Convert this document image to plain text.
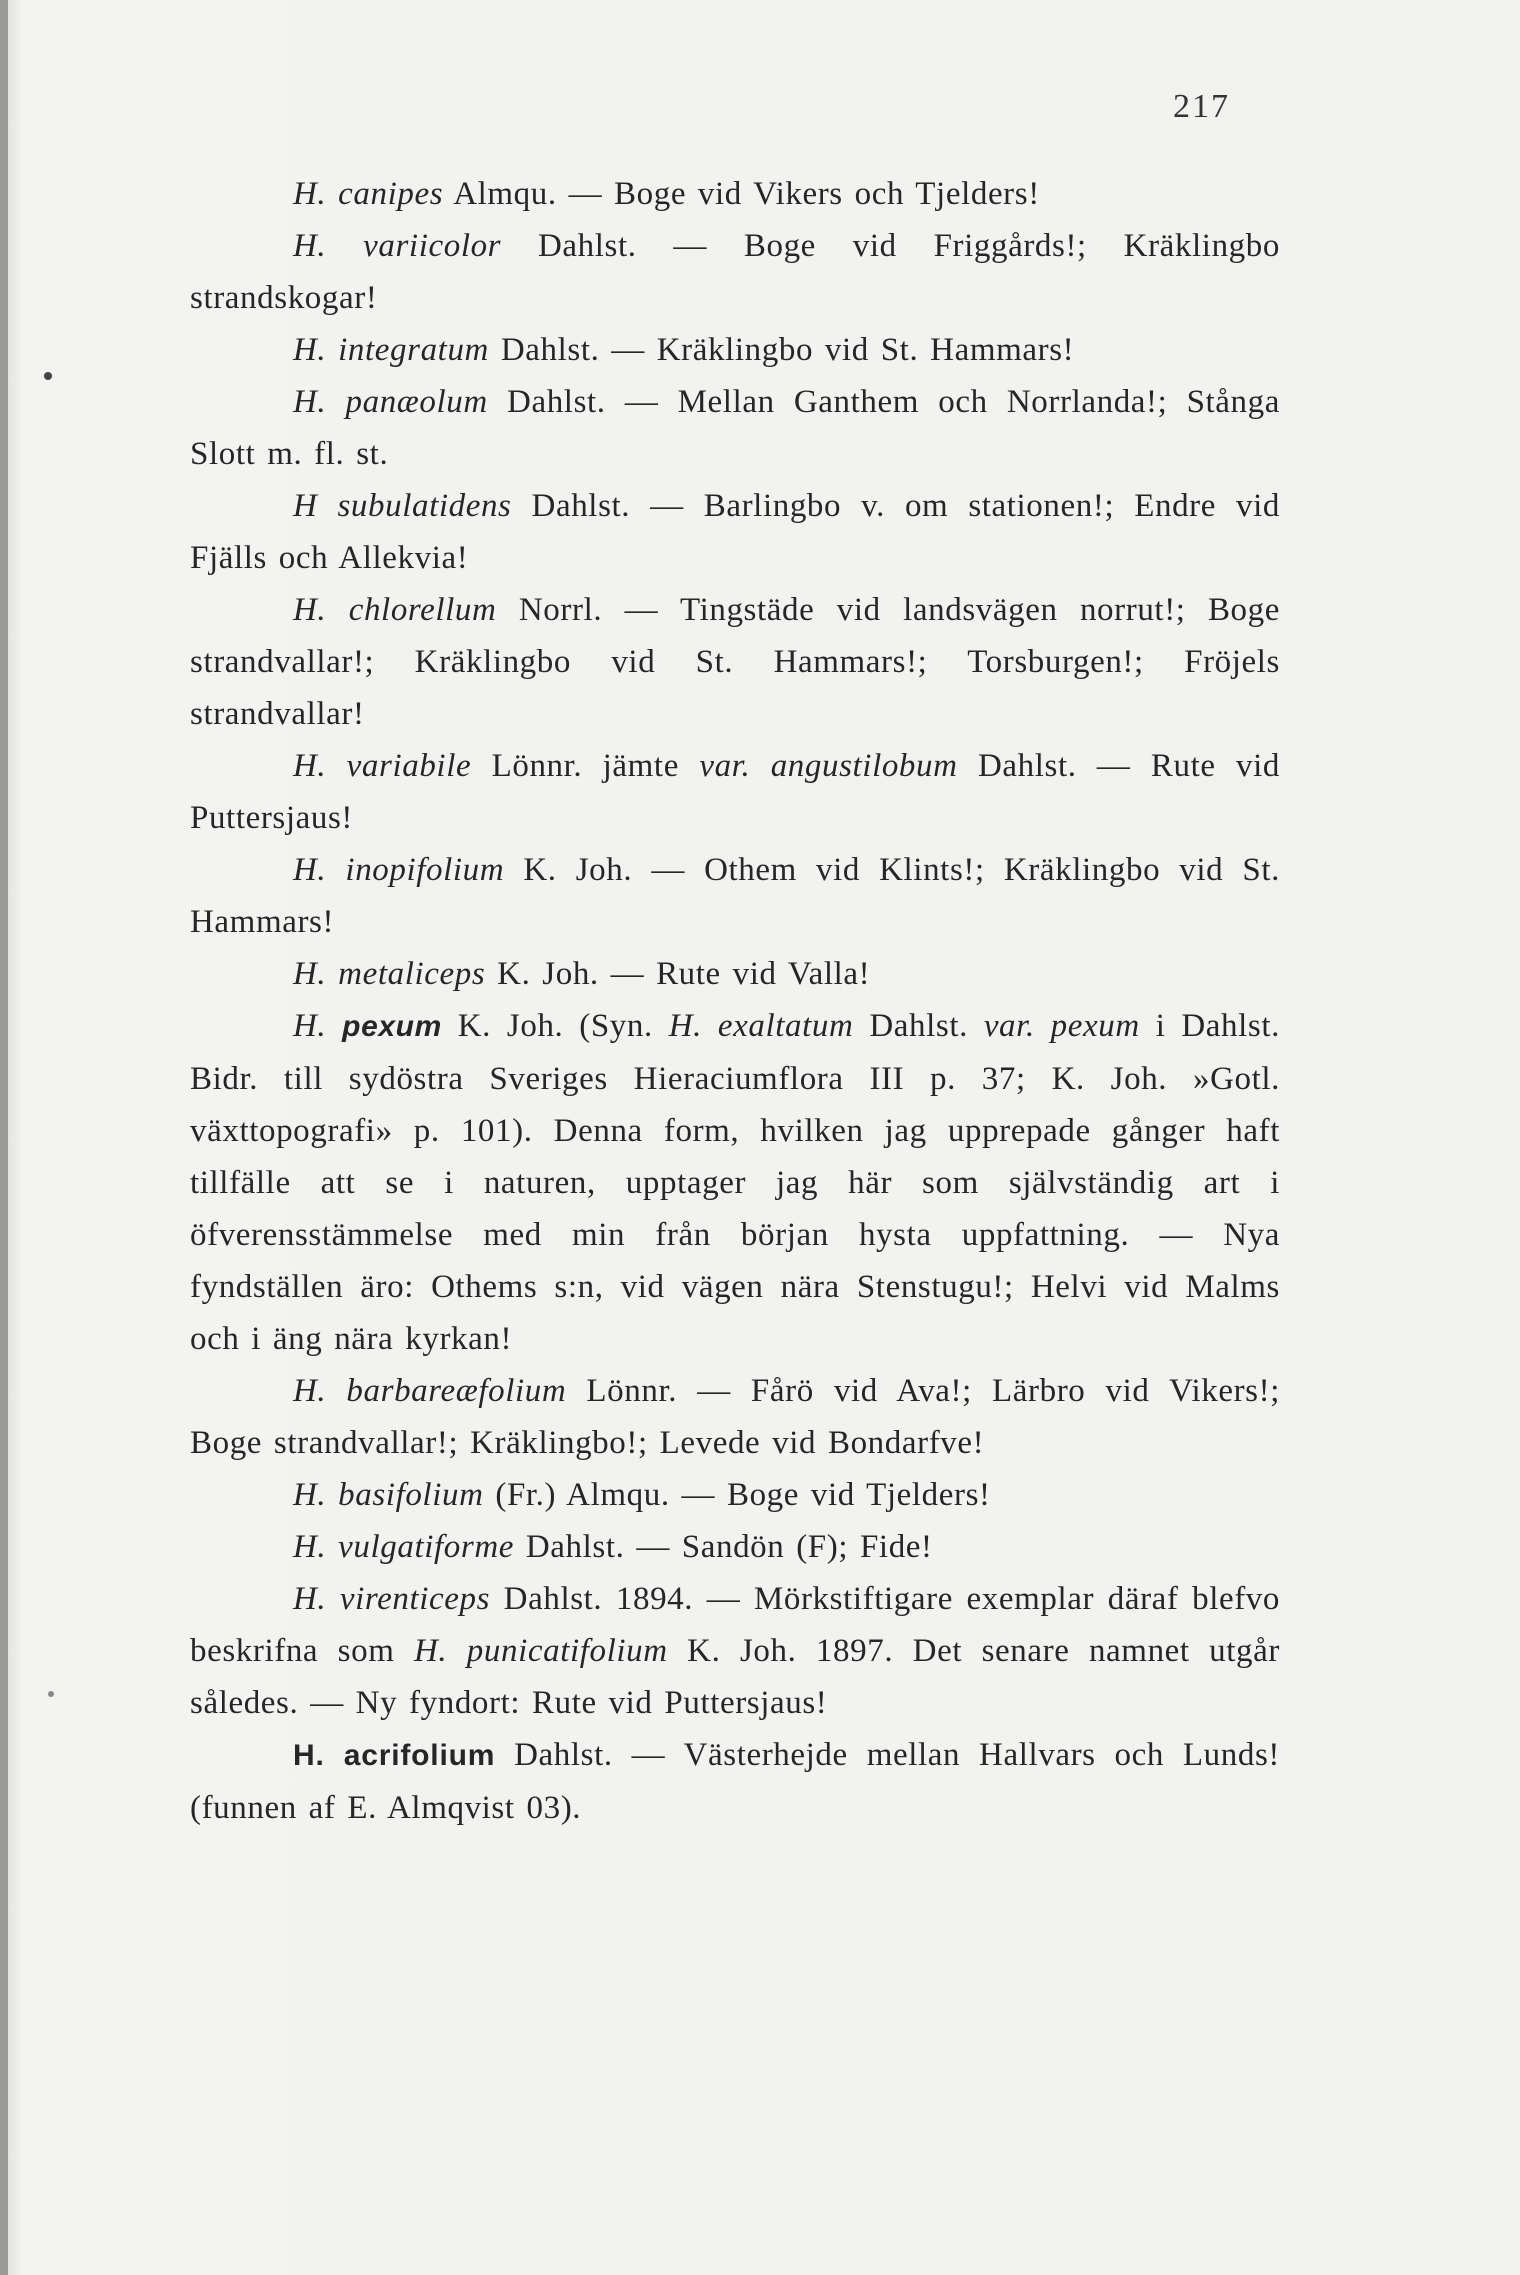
217

H. canipes Almqu. — Boge vid Vikers och Tjelders!

H. variicolor Dahlst. — Boge vid Friggårds!; Kräklingbo strandskogar!

H. integratum Dahlst. — Kräklingbo vid St. Hammars!

H. panæolum Dahlst. — Mellan Ganthem och Norrlanda!; Stånga Slott m. fl. st.

H subulatidens Dahlst. — Barlingbo v. om stationen!; Endre vid Fjälls och Allekvia!

H. chlorellum Norrl. — Tingstäde vid landsvägen norrut!; Boge strandvallar!; Kräklingbo vid St. Hammars!; Torsburgen!; Fröjels strandvallar!

H. variabile Lönnr. jämte var. angustilobum Dahlst. — Rute vid Puttersjaus!

H. inopifolium K. Joh. — Othem vid Klints!; Kräklingbo vid St. Hammars!

H. metaliceps K. Joh. — Rute vid Valla!

H. pexum K. Joh. (Syn. H. exaltatum Dahlst. var. pexum i Dahlst. Bidr. till sydöstra Sveriges Hieraciumflora III p. 37; K. Joh. »Gotl. växttopografi» p. 101). Denna form, hvilken jag upprepade gånger haft tillfälle att se i naturen, upptager jag här som självständig art i öfverensstämmelse med min från början hysta uppfattning. — Nya fyndställen äro: Othems s:n, vid vägen nära Stenstugu!; Helvi vid Malms och i äng nära kyrkan!

H. barbareæfolium Lönnr. — Fårö vid Ava!; Lärbro vid Vikers!; Boge strandvallar!; Kräklingbo!; Levede vid Bondarfve!

H. basifolium (Fr.) Almqu. — Boge vid Tjelders!

H. vulgatiforme Dahlst. — Sandön (F); Fide!

H. virenticeps Dahlst. 1894. — Mörkstiftigare exemplar däraf blefvo beskrifna som H. punicatifolium K. Joh. 1897. Det senare namnet utgår således. — Ny fyndort: Rute vid Puttersjaus!

H. acrifolium Dahlst. — Västerhejde mellan Hallvars och Lunds! (funnen af E. Almqvist 03).
